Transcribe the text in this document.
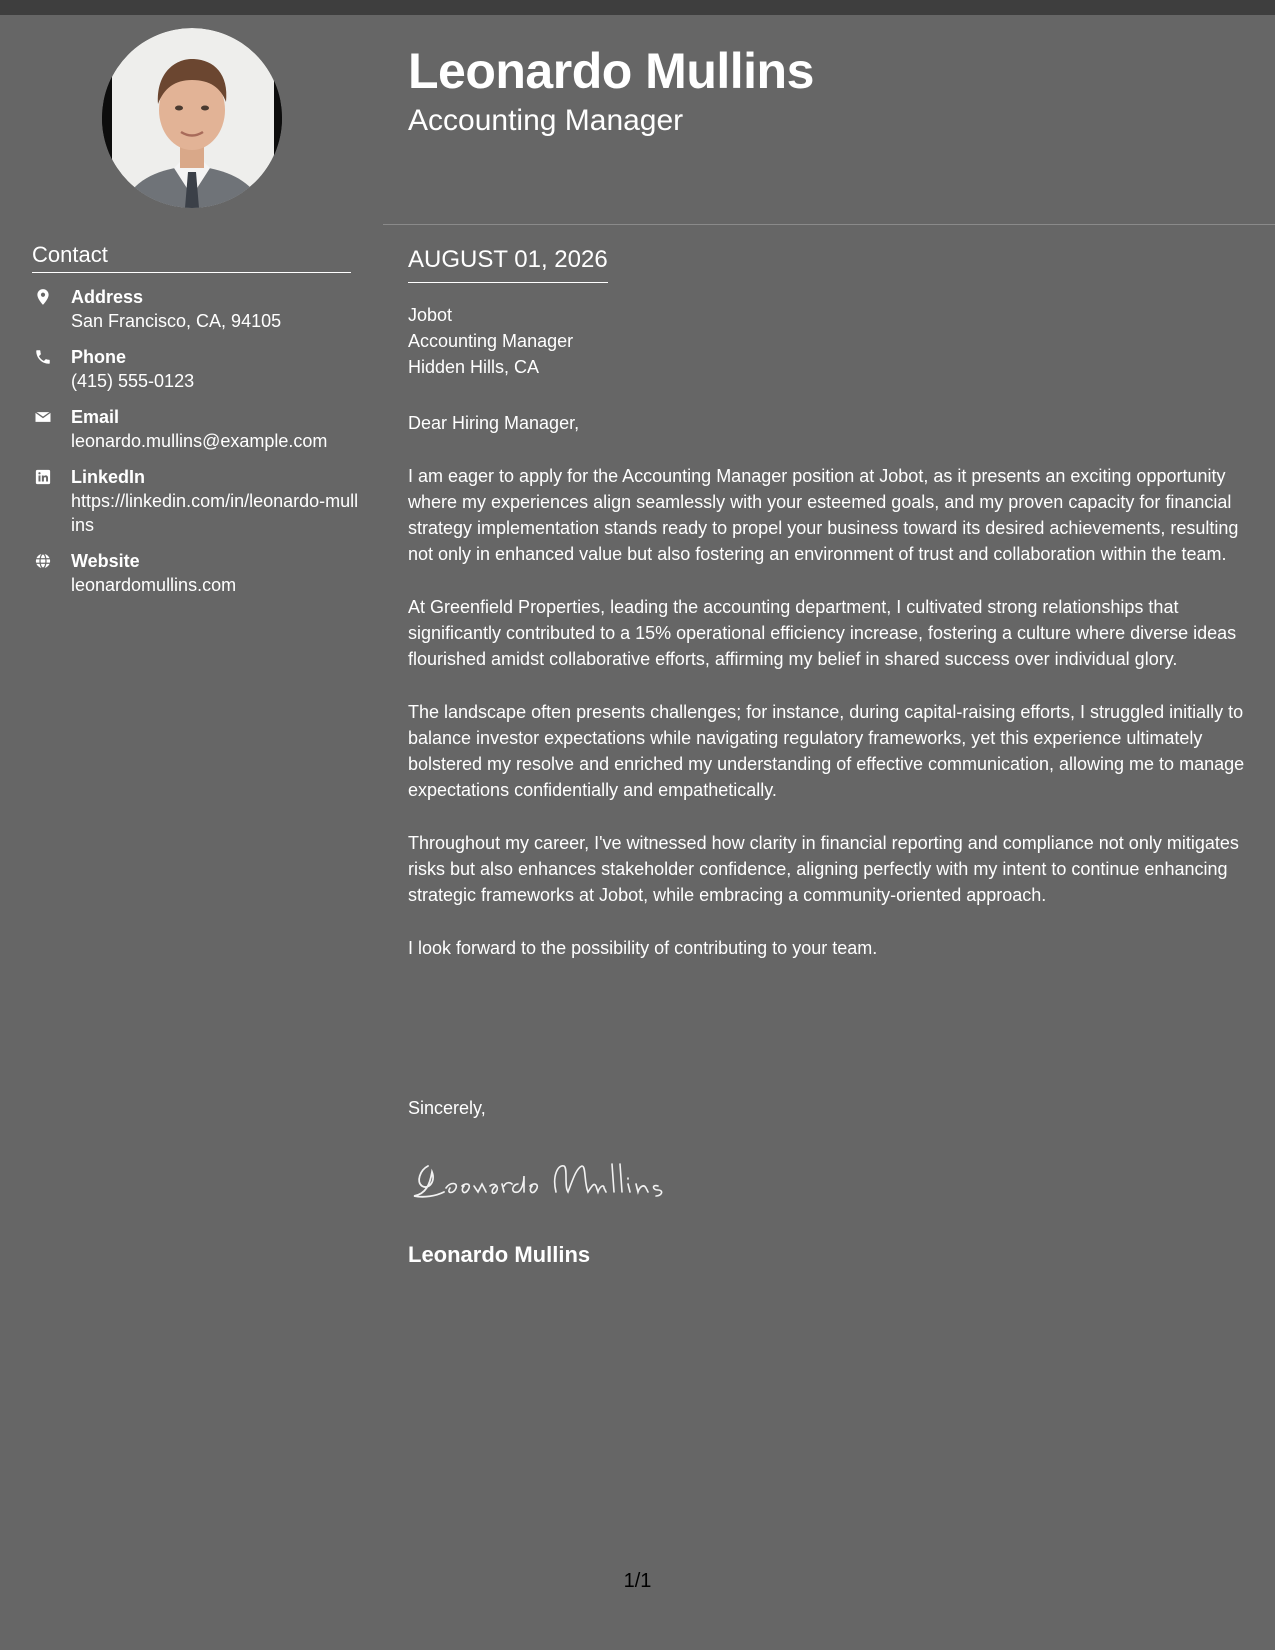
Contact
Address
San Francisco, CA, 94105
Phone
(415) 555-0123
Email
leonardo.mullins@example.com
LinkedIn
https://linkedin.com/in/leonardo-mullins
Website
leonardomullins.com
Leonardo Mullins
Accounting Manager
AUGUST 01, 2026
Jobot
Accounting Manager
Hidden Hills, CA

Dear Hiring Manager,

I am eager to apply for the Accounting Manager position at Jobot, as it presents an exciting opportunity where my experiences align seamlessly with your esteemed goals, and my proven capacity for financial strategy implementation stands ready to propel your business toward its desired achievements, resulting not only in enhanced value but also fostering an environment of trust and collaboration within the team.

At Greenfield Properties, leading the accounting department, I cultivated strong relationships that significantly contributed to a 15% operational efficiency increase, fostering a culture where diverse ideas flourished amidst collaborative efforts, affirming my belief in shared success over individual glory.

The landscape often presents challenges; for instance, during capital-raising efforts, I struggled initially to balance investor expectations while navigating regulatory frameworks, yet this experience ultimately bolstered my resolve and enriched my understanding of effective communication, allowing me to manage expectations confidentially and empathetically.

Throughout my career, I've witnessed how clarity in financial reporting and compliance not only mitigates risks but also enhances stakeholder confidence, aligning perfectly with my intent to continue enhancing strategic frameworks at Jobot, while embracing a community-oriented approach.

I look forward to the possibility of contributing to your team.

Sincerely,
Leonardo Mullins
1/1
